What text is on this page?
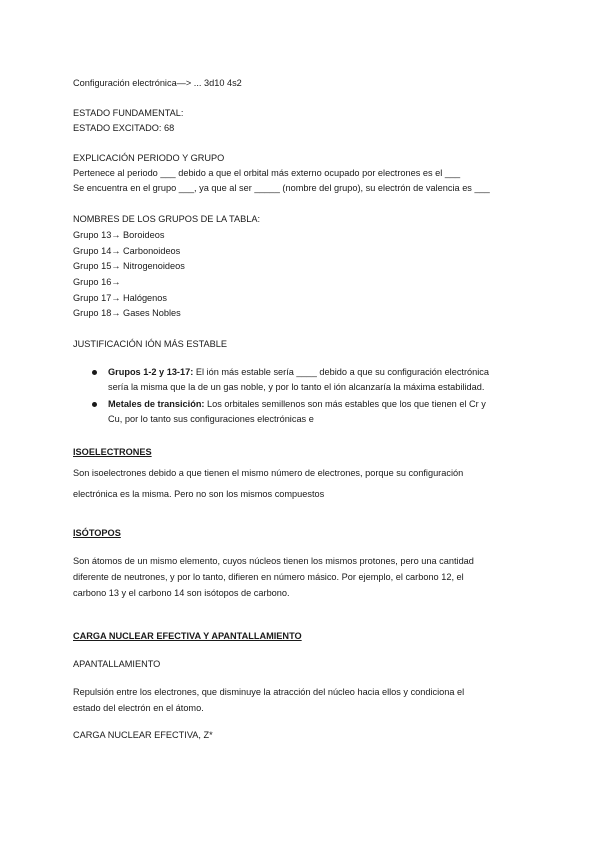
Configuración electrónica—> ... 3d10 4s2
ESTADO FUNDAMENTAL:
ESTADO EXCITADO: 68
EXPLICACIÓN PERIODO Y GRUPO
Pertenece al periodo ___ debido a que el orbital más externo ocupado por electrones es el ___
Se encuentra en el grupo ___, ya que al ser _____ (nombre del grupo), su electrón de valencia es ___
NOMBRES DE LOS GRUPOS DE LA TABLA:
Grupo 13→ Boroideos
Grupo 14→ Carbonoideos
Grupo 15→ Nitrogenoideos
Grupo 16→
Grupo 17→ Halógenos
Grupo 18→ Gases Nobles
JUSTIFICACIÓN IÓN MÁS ESTABLE
Grupos 1-2 y 13-17: El ión más estable sería ____ debido a que su configuración electrónica
sería la misma que la de un gas noble, y por lo tanto el ión alcanzaría la máxima estabilidad.
Metales de transición: Los orbitales semillenos son más estables que los que tienen el Cr y
Cu, por lo tanto sus configuraciones electrónicas e
ISOELECTRONES
Son isoelectrones debido a que tienen el mismo número de electrones, porque su configuración
electrónica es la misma. Pero no son los mismos compuestos
ISÓTOPOS
Son átomos de un mismo elemento, cuyos núcleos tienen los mismos protones, pero una cantidad
diferente de neutrones, y por lo tanto, difieren en número másico. Por ejemplo, el carbono 12, el
carbono 13 y el carbono 14 son isótopos de carbono.
CARGA NUCLEAR EFECTIVA Y APANTALLAMIENTO
APANTALLAMIENTO
Repulsión entre los electrones, que disminuye la atracción del núcleo hacia ellos y condiciona el
estado del electrón en el átomo.
CARGA NUCLEAR EFECTIVA, Z*
